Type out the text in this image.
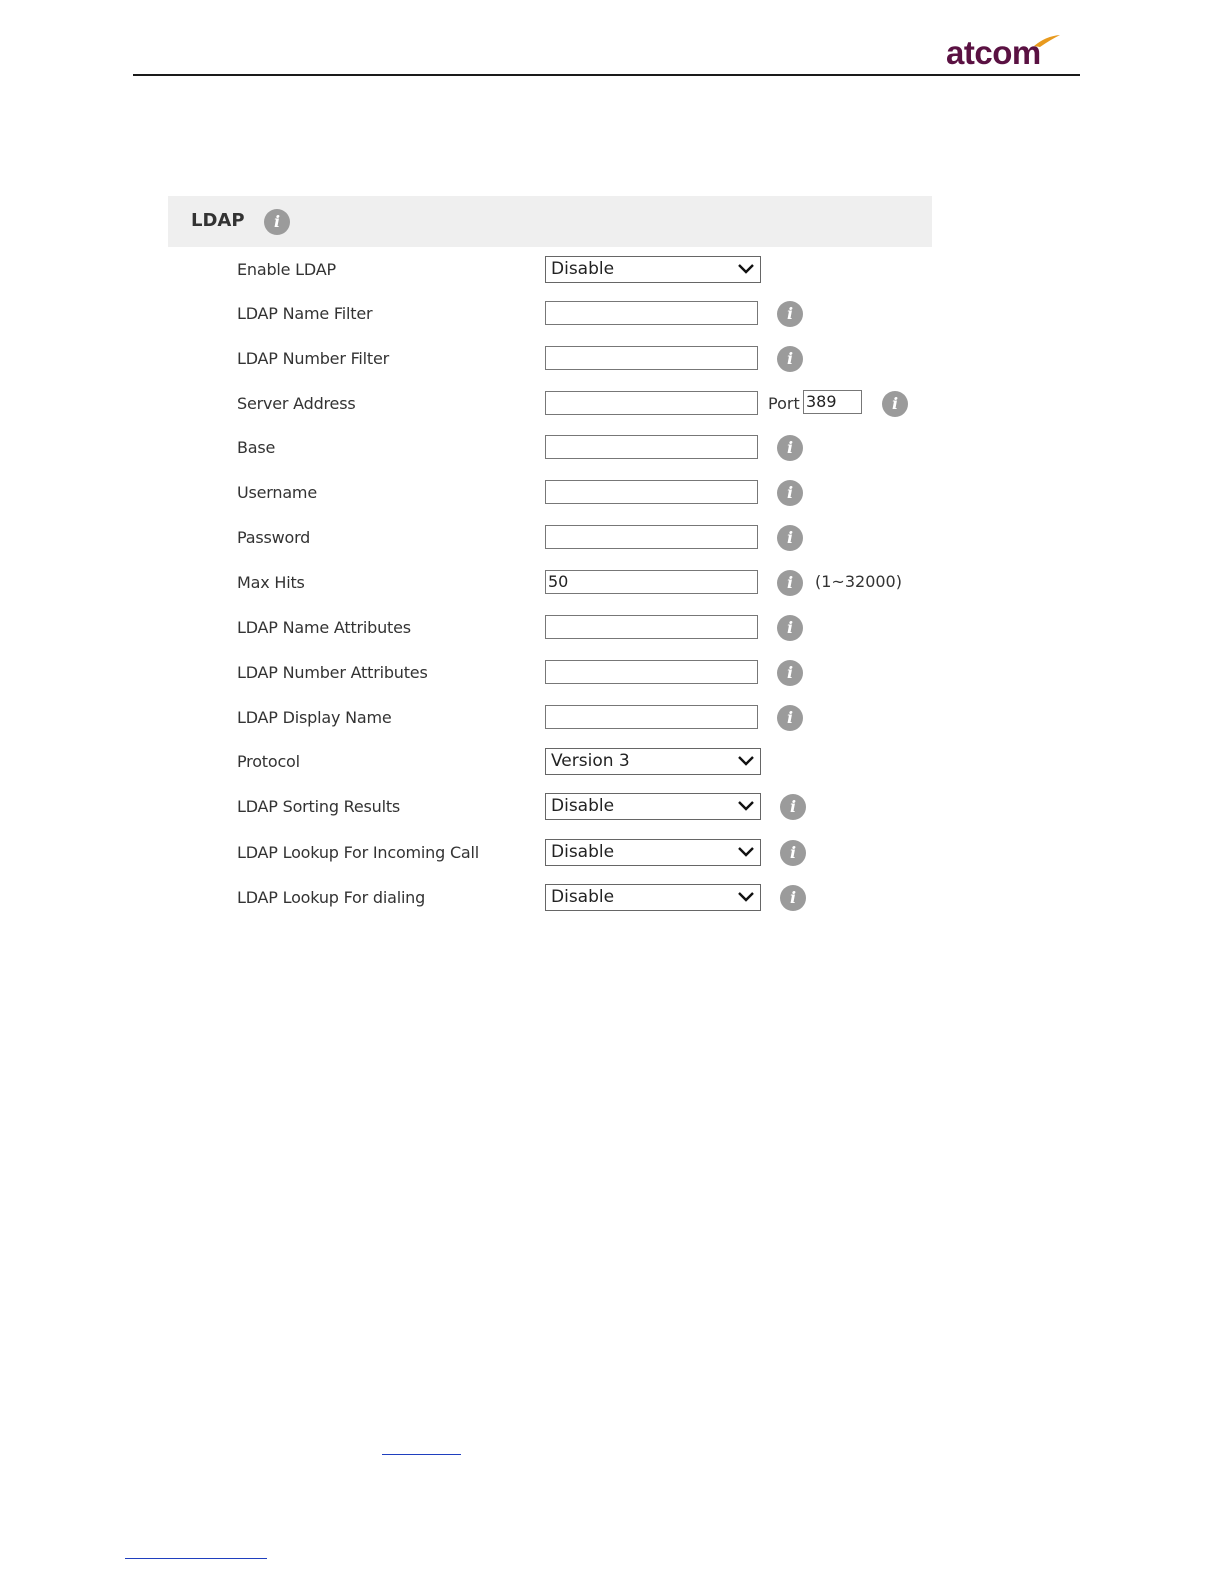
atcom
LDAP	i
Enable LDAP	Disable
LDAP Name Filter	i
LDAP Number Filter	i
Server Address	Port 389	i
Base	i
Username	i
Password	i
Max Hits	50	i	(1~32000)
LDAP Name Attributes	i
LDAP Number Attributes	i
LDAP Display Name	i
Protocol	Version 3
LDAP Sorting Results	Disable	i
LDAP Lookup For Incoming Call	Disable	i
LDAP Lookup For dialing	Disable	i
